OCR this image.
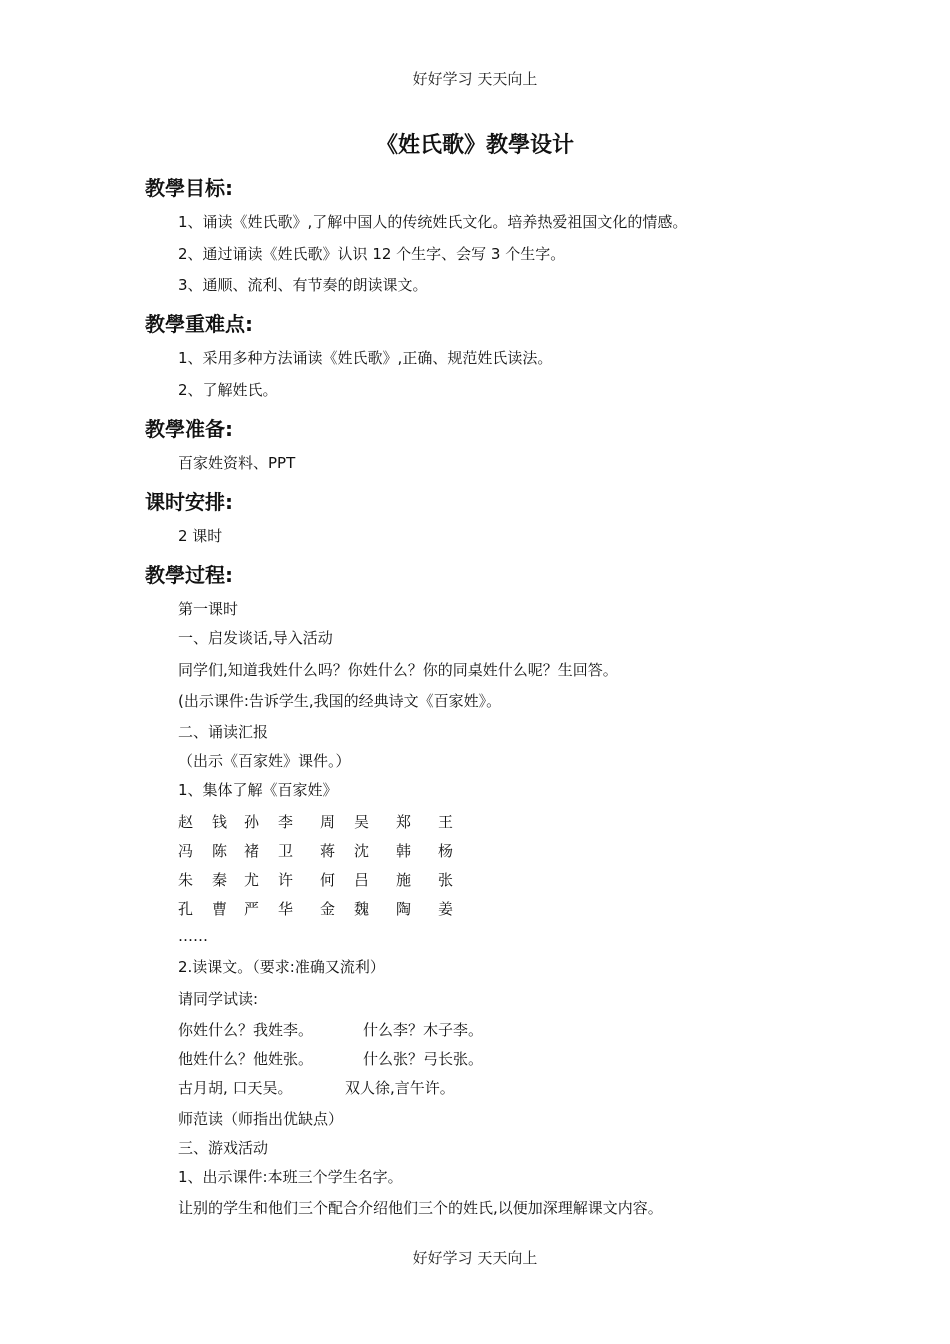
好好学习 天天向上
《姓氏歌》教學设计
教學目标:
1、诵读《姓氏歌》,了解中国人的传统姓氏文化。培养热爱祖国文化的情感。
2、通过诵读《姓氏歌》认识 12 个生字、会写 3 个生字。
3、通顺、流利、有节奏的朗读课文。
教學重难点:
1、采用多种方法诵读《姓氏歌》,正确、规范姓氏读法。
2、了解姓氏。
教學准备:
百家姓资料、PPT
课时安排:
2 课时
教學过程:
第一课时
一、启发谈话,导入活动
同学们,知道我姓什么吗？你姓什么？你的同桌姓什么呢？生回答。
(出示课件:告诉学生,我国的经典诗文《百家姓》。
二、诵读汇报
（出示《百家姓》课件。）
1、集体了解《百家姓》
赵 钱 孙 李 周 吴 郑 王
冯 陈 褚 卫 蒋 沈 韩 杨
朱 秦 尤 许 何 吕 施 张
孔 曹 严 华 金 魏 陶 姜
……
2.读课文。（要求:准确又流利）
请同学试读:
你姓什么？我姓李。	什么李？木子李。
他姓什么？他姓张。	什么张？弓长张。
古月胡, 口天吴。	双人徐,言午许。
师范读（师指出优缺点）
三、游戏活动
1、出示课件:本班三个学生名字。
让别的学生和他们三个配合介绍他们三个的姓氏,以便加深理解课文内容。
好好学习 天天向上
